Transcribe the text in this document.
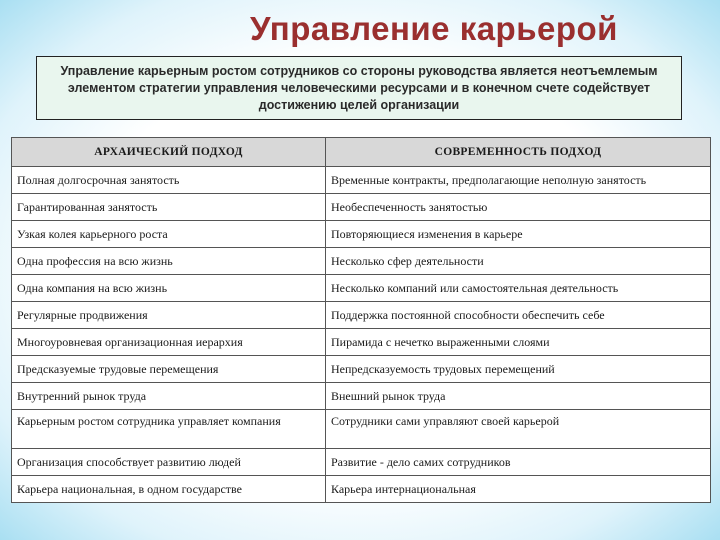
Управление карьерой
Управление карьерным ростом сотрудников со стороны руководства является неотъемлемым элементом стратегии управления человеческими ресурсами и в конечном счете содействует достижению целей организации
АРХАИЧЕСКИЙ ПОДХОД	СОВРЕМЕННОСТЬ ПОДХОД
Полная долгосрочная занятость	Временные контракты, предполагающие неполную занятость
Гарантированная занятость	Необеспеченность занятостью
Узкая колея карьерного роста	Повторяющиеся изменения в карьере
Одна профессия на всю жизнь	Несколько сфер деятельности
Одна компания на всю жизнь	Несколько компаний или самостоятельная деятельность
Регулярные продвижения	Поддержка постоянной способности обеспечить себе
Многоуровневая организационная иерархия	Пирамида с нечетко выраженными слоями
Предсказуемые трудовые перемещения	Непредсказуемость трудовых перемещений
Внутренний рынок труда	Внешний рынок труда
Карьерным ростом сотрудника управляет компания	Сотрудники сами управляют своей карьерой
Организация способствует развитию людей	Развитие - дело самих сотрудников
Карьера национальная, в одном государстве	Карьера интернациональная
